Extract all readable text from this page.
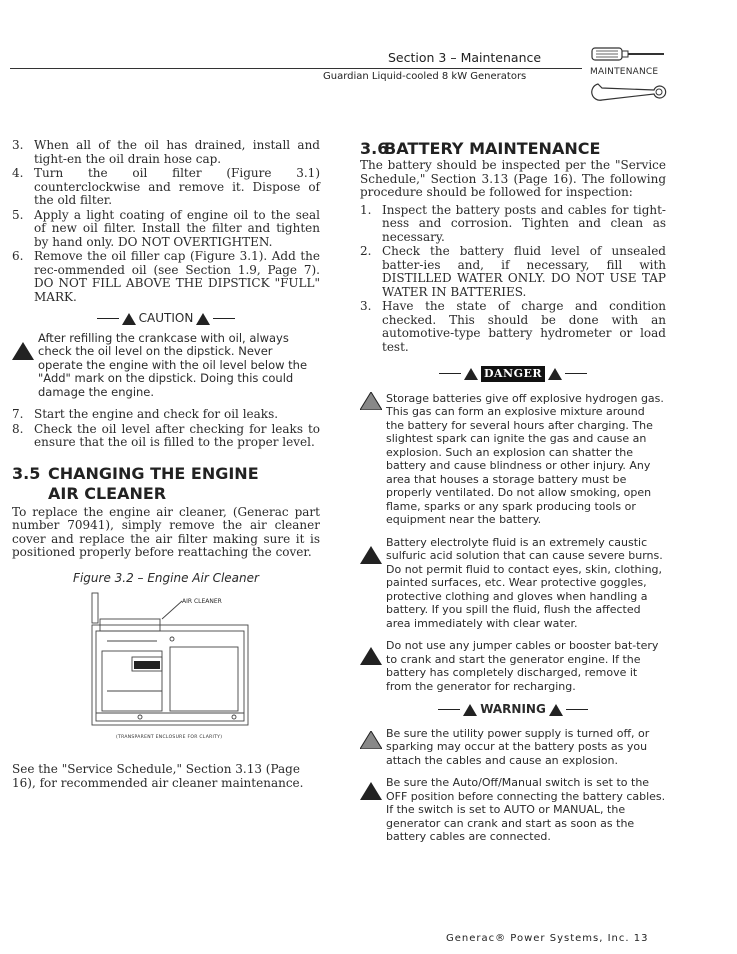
Section 3 – Maintenance
Guardian Liquid-cooled 8 kW Generators	MAINTENANCE
3. When all of the oil has drained, install and tight-en the oil drain hose cap.
4. Turn the oil filter (Figure 3.1) counterclockwise and remove it. Dispose of the old filter.
5. Apply a light coating of engine oil to the seal of new oil filter. Install the filter and tighten by hand only. DO NOT OVERTIGHTEN.
6. Remove the oil filler cap (Figure 3.1). Add the rec-ommended oil (see Section 1.9, Page 7). DO NOT FILL ABOVE THE DIPSTICK "FULL" MARK.
CAUTION
After refilling the crankcase with oil, always check the oil level on the dipstick. Never operate the engine with the oil level below the "Add" mark on the dipstick. Doing this could damage the engine.
7. Start the engine and check for oil leaks.
8. Check the oil level after checking for leaks to ensure that the oil is filled to the proper level.
3.5 CHANGING THE ENGINE
AIR CLEANER
To replace the engine air cleaner, (Generac part number 70941), simply remove the air cleaner cover and replace the air filter making sure it is positioned properly before reattaching the cover.
Figure 3.2 – Engine Air Cleaner
AIR CLEANER
(TRANSPARENT ENCLOSURE FOR CLARITY)
See the "Service Schedule," Section 3.13 (Page 16), for recommended air cleaner maintenance.
3.6BATTERY MAINTENANCE
The battery should be inspected per the "Service Schedule," Section 3.13 (Page 16). The following procedure should be followed for inspection:
1. Inspect the battery posts and cables for tight-ness and corrosion. Tighten and clean as necessary.
2. Check the battery fluid level of unsealed batter-ies and, if necessary, fill with DISTILLED WATER ONLY. DO NOT USE TAP WATER IN BATTERIES.
3. Have the state of charge and condition checked. This should be done with an automotive-type battery hydrometer or load test.
DANGER
Storage batteries give off explosive hydrogen gas. This gas can form an explosive mixture around the battery for several hours after charging. The slightest spark can ignite the gas and cause an explosion. Such an explosion can shatter the battery and cause blindness or other injury. Any area that houses a storage battery must be properly ventilated. Do not allow smoking, open flame, sparks or any spark producing tools or equipment near the battery.
Battery electrolyte fluid is an extremely caustic sulfuric acid solution that can cause severe burns. Do not permit fluid to contact eyes, skin, clothing, painted surfaces, etc. Wear protective goggles, protective clothing and gloves when handling a battery. If you spill the fluid, flush the affected area immediately with clear water.
Do not use any jumper cables or booster bat-tery to crank and start the generator engine. If the battery has completely discharged, remove it from the generator for recharging.
WARNING
Be sure the utility power supply is turned off, or sparking may occur at the battery posts as you attach the cables and cause an explosion.
Be sure the Auto/Off/Manual switch is set to the OFF position before connecting the battery cables. If the switch is set to AUTO or MANUAL, the generator can crank and start as soon as the battery cables are connected.
Generac® Power Systems, Inc. 13
